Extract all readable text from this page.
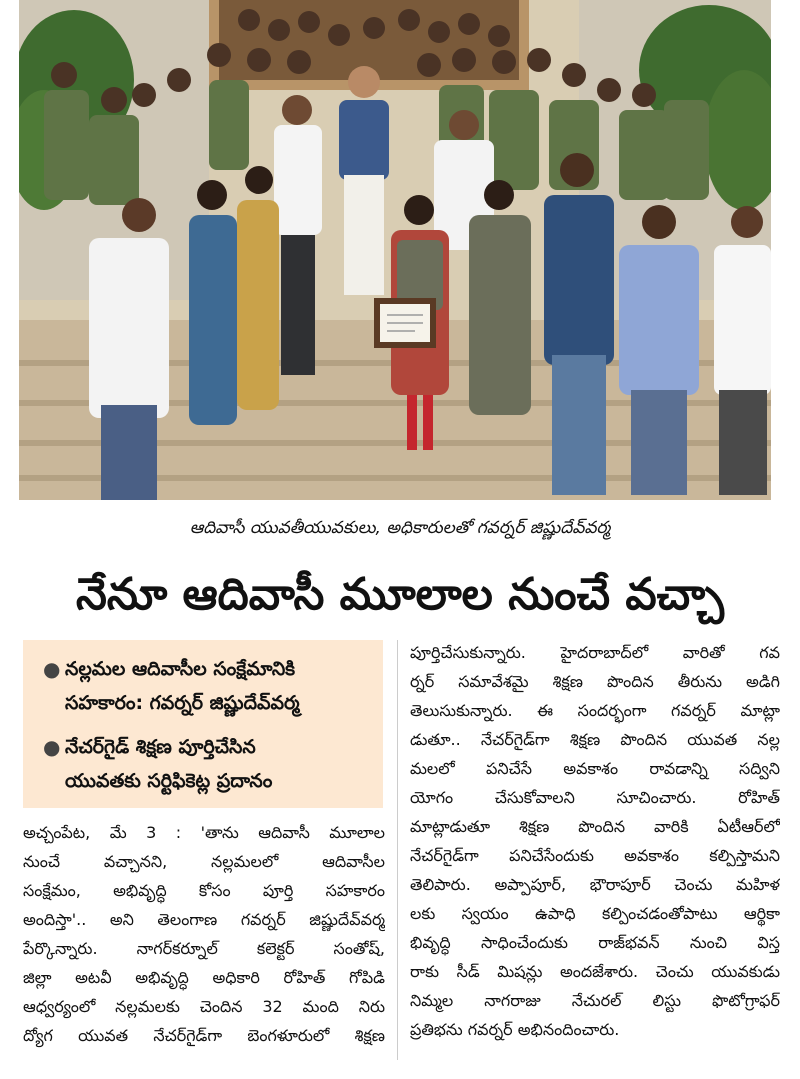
ఆదివాసీ యువతీయువకులు, అధికారులతో గవర్నర్ జిష్ణుదేవ్‌వర్మ
నేనూ ఆదివాసీ మూలాల నుంచే వచ్చా
● నల్లమల ఆదివాసీల సంక్షేమానికి
సహకారం: గవర్నర్ జిష్ణుదేవ్‌వర్మ
● నేచర్‌గైడ్ శిక్షణ పూర్తిచేసిన
యువతకు సర్టిఫికెట్ల ప్రదానం
అచ్చంపేట, మే 3 : 'తాను ఆదివాసీ మూలాల
నుంచే వచ్చానని, నల్లమలలో ఆదివాసీల
సంక్షేమం, అభివృద్ధి కోసం పూర్తి సహకారం
అందిస్తా'.. అని తెలంగాణ గవర్నర్ జిష్ణుదేవ్‌వర్మ
పేర్కొన్నారు. నాగర్‌కర్నూల్ కలెక్టర్ సంతోష్,
జిల్లా అటవీ అభివృద్ధి అధికారి రోహిత్ గోపిడి
ఆధ్వర్యంలో నల్లమలకు చెందిన 32 మంది నిరు
ద్యోగ యువత నేచర్‌గైడ్‌గా బెంగళూరులో శిక్షణ
పూర్తిచేసుకున్నారు. హైదరాబాద్‌లో వారితో గవ
ర్నర్ సమావేశమై శిక్షణ పొందిన తీరును అడిగి
తెలుసుకున్నారు. ఈ సందర్భంగా గవర్నర్ మాట్లా
డుతూ.. నేచర్‌గైడ్‌గా శిక్షణ పొందిన యువత నల్ల
మలలో పనిచేసే అవకాశం రావడాన్ని సద్విని
యోగం చేసుకోవాలని సూచించారు. రోహిత్
మాట్లాడుతూ శిక్షణ పొందిన వారికి ఏటీఆర్‌లో
నేచర్‌గైడ్‌గా పనిచేసేందుకు అవకాశం కల్పిస్తామని
తెలిపారు. అప్పాపూర్, భౌరాపూర్ చెంచు మహిళ
లకు స్వయం ఉపాధి కల్పించడంతోపాటు ఆర్థికా
భివృద్ధి సాధించేందుకు రాజ్‌భవన్ నుంచి విస్త
రాకు సీడ్ మిషన్లు అందజేశారు. చెంచు యువకుడు
నిమ్మల నాగరాజు నేచురల్ లిస్టు ఫొటోగ్రాఫర్
ప్రతిభను గవర్నర్ అభినందించారు.
